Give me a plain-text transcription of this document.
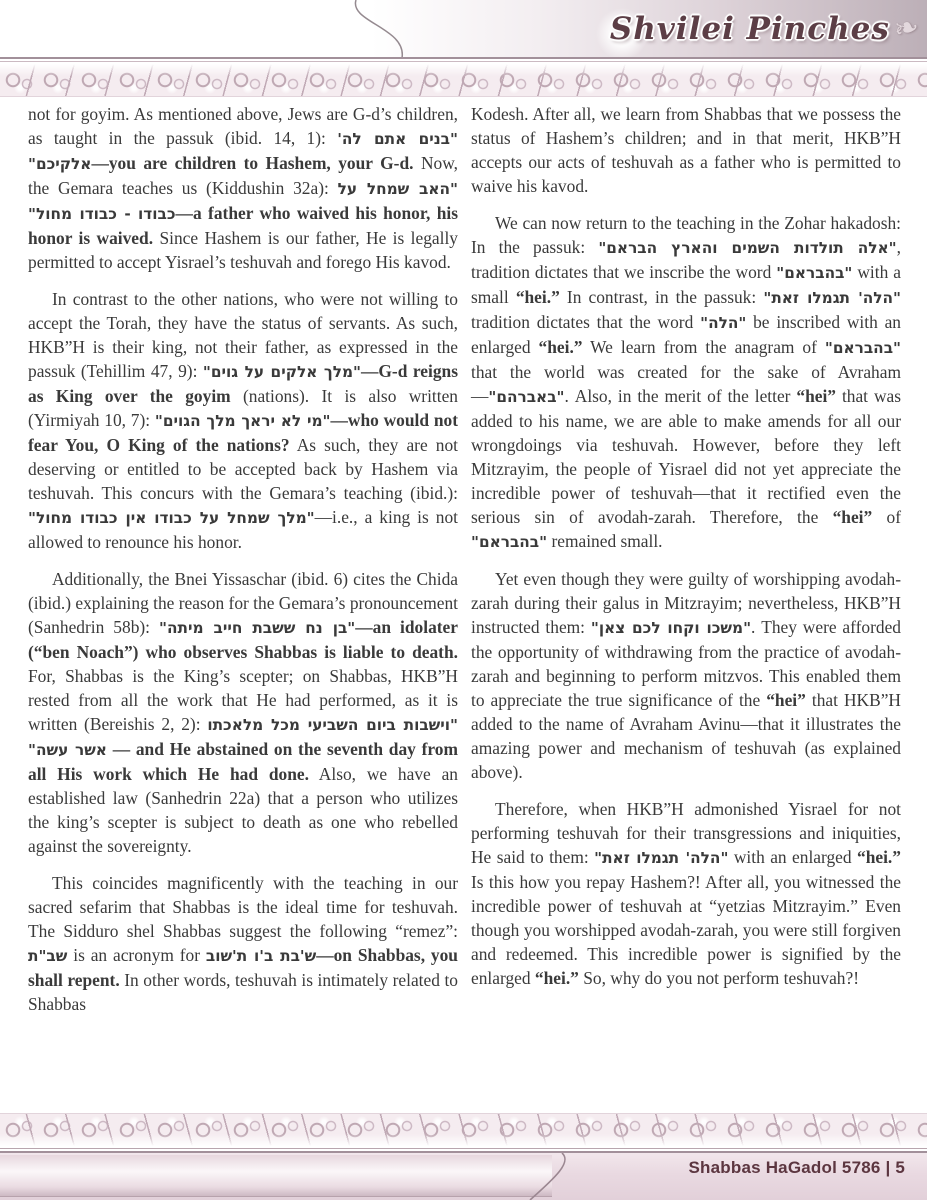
Shvilei Pinches ❧

not for goyim. As mentioned above, Jews are G-d’s children, as taught in the passuk (ibid. 14, 1): "בנים אתם לה' אלקיכם"—you are children to Hashem, your G-d. Now, the Gemara teaches us (Kiddushin 32a): "האב שמחל על כבודו - כבודו מחול"—a father who waived his honor, his honor is waived. Since Hashem is our father, He is legally permitted to accept Yisrael’s teshuvah and forego His kavod.

In contrast to the other nations, who were not willing to accept the Torah, they have the status of servants. As such, HKB”H is their king, not their father, as expressed in the passuk (Tehillim 47, 9): "מלך אלקים על גוים"—G-d reigns as King over the goyim (nations). It is also written (Yirmiyah 10, 7): "מי לא יראך מלך הגוים"—who would not fear You, O King of the nations? As such, they are not deserving or entitled to be accepted back by Hashem via teshuvah. This concurs with the Gemara’s teaching (ibid.): "מלך שמחל על כבודו אין כבודו מחול"—i.e., a king is not allowed to renounce his honor.

Additionally, the Bnei Yissaschar (ibid. 6) cites the Chida (ibid.) explaining the reason for the Gemara’s pronouncement (Sanhedrin 58b): "בן נח ששבת חייב מיתה"—an idolater (“ben Noach”) who observes Shabbas is liable to death. For, Shabbas is the King’s scepter; on Shabbas, HKB”H rested from all the work that He had performed, as it is written (Bereishis 2, 2): "וישבות ביום השביעי מכל מלאכתו אשר עשה" — and He abstained on the seventh day from all His work which He had done. Also, we have an established law (Sanhedrin 22a) that a person who utilizes the king’s scepter is subject to death as one who rebelled against the sovereignty.

This coincides magnificently with the teaching in our sacred sefarim that Shabbas is the ideal time for teshuvah. The Sidduro shel Shabbas suggest the following “remez”: שב"ת is an acronym for ש'בת ב'ו ת'שוב—on Shabbas, you shall repent. In other words, teshuvah is intimately related to Shabbas

Kodesh. After all, we learn from Shabbas that we possess the status of Hashem’s children; and in that merit, HKB”H accepts our acts of teshuvah as a father who is permitted to waive his kavod.

We can now return to the teaching in the Zohar hakadosh: In the passuk: "אלה תולדות השמים והארץ הבראם", tradition dictates that we inscribe the word "בהבראם" with a small “hei.” In contrast, in the passuk: "הלה' תגמלו זאת" tradition dictates that the word "הלה" be inscribed with an enlarged “hei.” We learn from the anagram of "בהבראם" that the world was created for the sake of Avraham—"באברהם". Also, in the merit of the letter “hei” that was added to his name, we are able to make amends for all our wrongdoings via teshuvah. However, before they left Mitzrayim, the people of Yisrael did not yet appreciate the incredible power of teshuvah—that it rectified even the serious sin of avodah-zarah. Therefore, the “hei” of "בהבראם" remained small.

Yet even though they were guilty of worshipping avodah-zarah during their galus in Mitzrayim; nevertheless, HKB”H instructed them: "משכו וקחו לכם צאן". They were afforded the opportunity of withdrawing from the practice of avodah-zarah and beginning to perform mitzvos. This enabled them to appreciate the true significance of the “hei” that HKB”H added to the name of Avraham Avinu—that it illustrates the amazing power and mechanism of teshuvah (as explained above).

Therefore, when HKB”H admonished Yisrael for not performing teshuvah for their transgressions and iniquities, He said to them: "הלה' תגמלו זאת" with an enlarged “hei.” Is this how you repay Hashem?! After all, you witnessed the incredible power of teshuvah at “yetzias Mitzrayim.” Even though you worshipped avodah-zarah, you were still forgiven and redeemed. This incredible power is signified by the enlarged “hei.” So, why do you not perform teshuvah?!

Shabbas HaGadol 5786 | 5
